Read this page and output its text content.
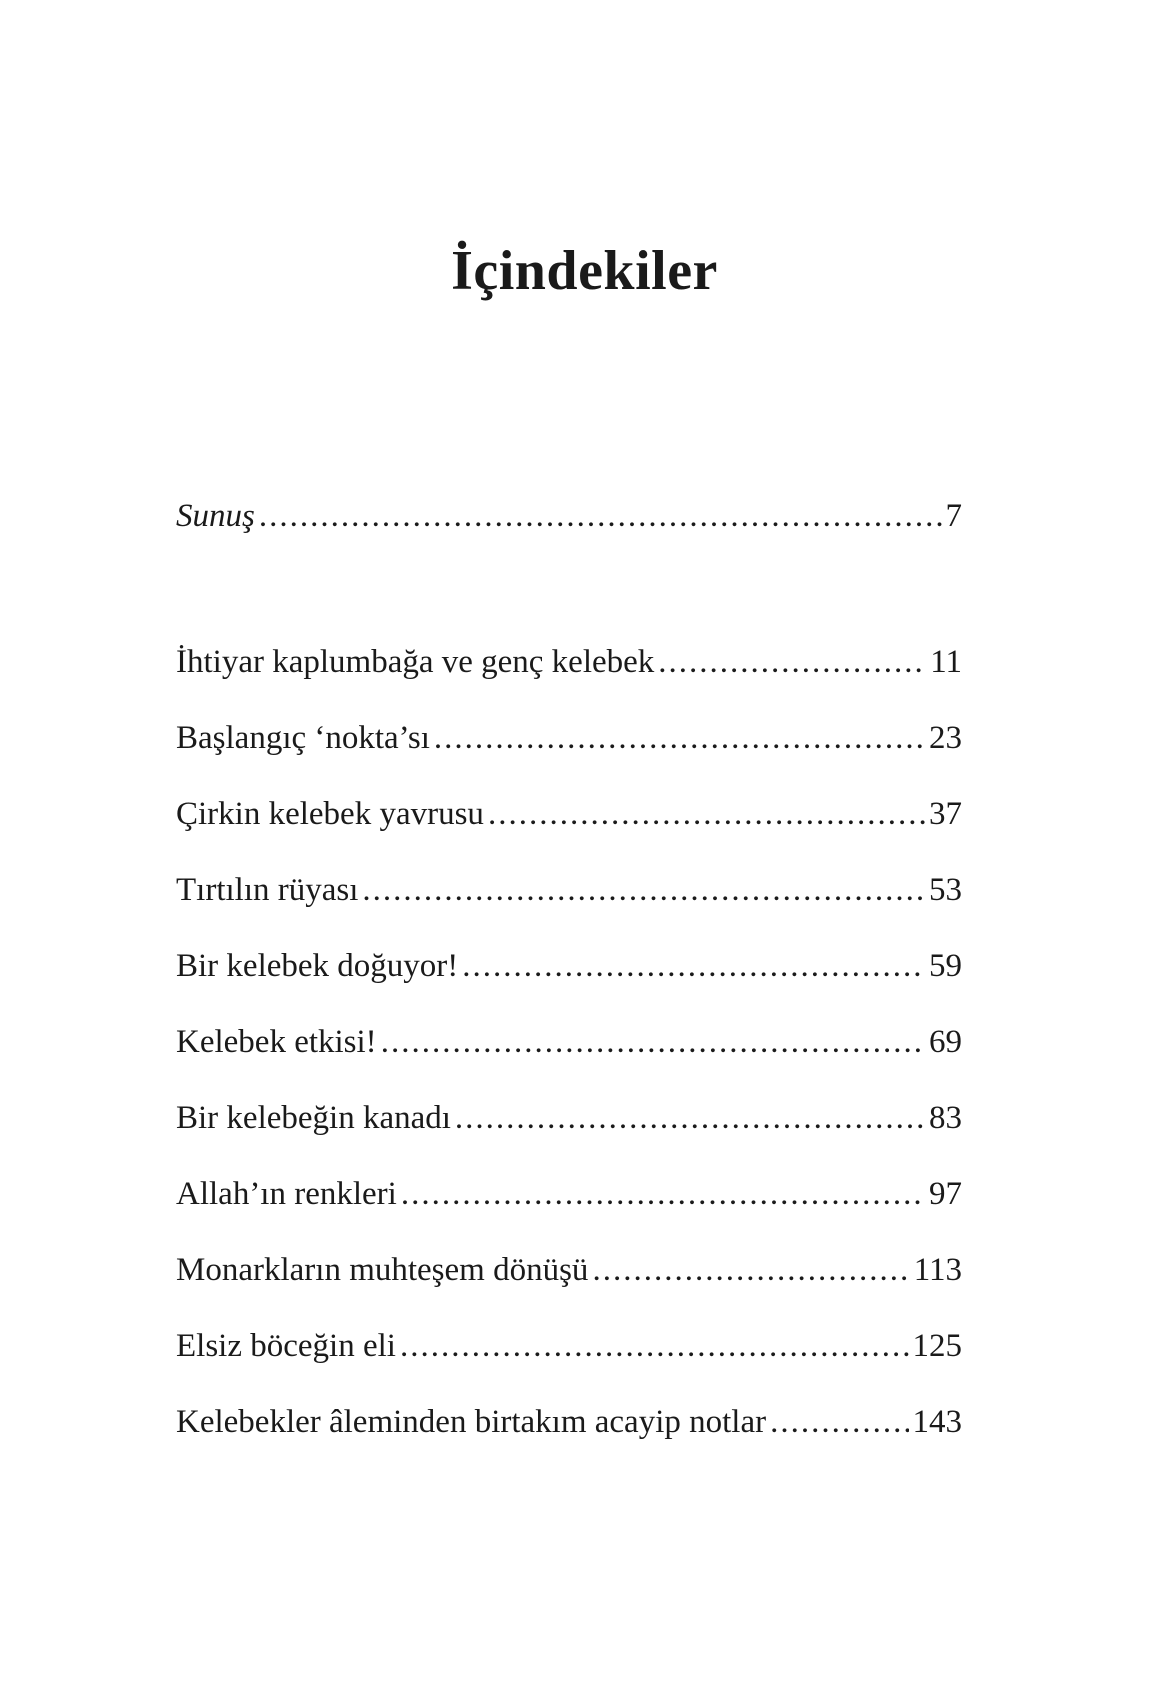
İçindekiler
Sunuş .....	7
İhtiyar kaplumbağa ve genç kelebek .....	11
Başlangıç ‘nokta’sı .....	23
Çirkin kelebek yavrusu .....	37
Tırtılın rüyası .....	53
Bir kelebek doğuyor! .....	59
Kelebek etkisi! .....	69
Bir kelebeğin kanadı .....	83
Allah’ın renkleri .....	97
Monarkların muhteşem dönüşü .....	113
Elsiz böceğin eli .....	125
Kelebekler âleminden birtakım acayip notlar .....	143
